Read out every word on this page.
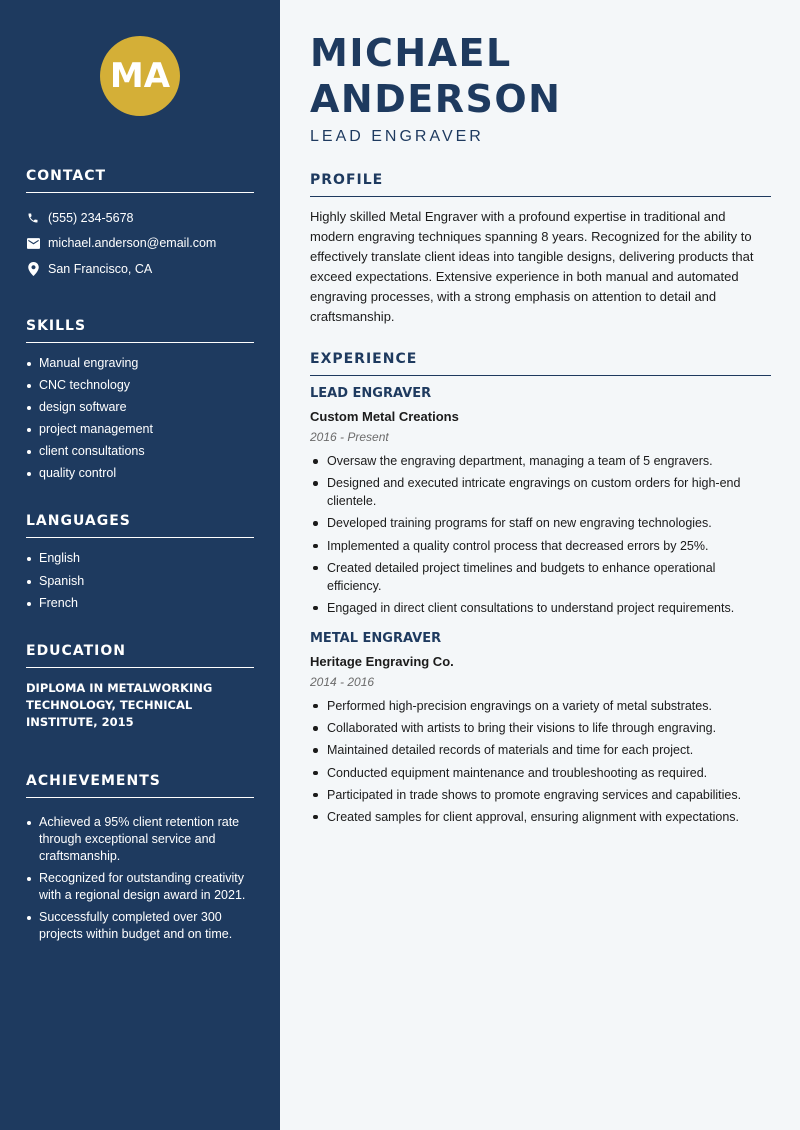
MA
CONTACT
(555) 234-5678
michael.anderson@email.com
San Francisco, CA
SKILLS
Manual engraving
CNC technology
design software
project management
client consultations
quality control
LANGUAGES
English
Spanish
French
EDUCATION

DIPLOMA IN METALWORKING TECHNOLOGY, TECHNICAL INSTITUTE, 2015

ACHIEVEMENTS
Achieved a 95% client retention rate through exceptional service and craftsmanship.
Recognized for outstanding creativity with a regional design award in 2021.
Successfully completed over 300 projects within budget and on time.
MICHAEL ANDERSON
LEAD ENGRAVER
PROFILE

Highly skilled Metal Engraver with a profound expertise in traditional and modern engraving techniques spanning 8 years. Recognized for the ability to effectively translate client ideas into tangible designs, delivering products that exceed expectations. Extensive experience in both manual and automated engraving processes, with a strong emphasis on attention to detail and craftsmanship.

EXPERIENCE
LEAD ENGRAVER
Custom Metal Creations
2016 - Present
Oversaw the engraving department, managing a team of 5 engravers.
Designed and executed intricate engravings on custom orders for high-end clientele.
Developed training programs for staff on new engraving technologies.
Implemented a quality control process that decreased errors by 25%.
Created detailed project timelines and budgets to enhance operational efficiency.
Engaged in direct client consultations to understand project requirements.
METAL ENGRAVER
Heritage Engraving Co.
2014 - 2016
Performed high-precision engravings on a variety of metal substrates.
Collaborated with artists to bring their visions to life through engraving.
Maintained detailed records of materials and time for each project.
Conducted equipment maintenance and troubleshooting as required.
Participated in trade shows to promote engraving services and capabilities.
Created samples for client approval, ensuring alignment with expectations.
